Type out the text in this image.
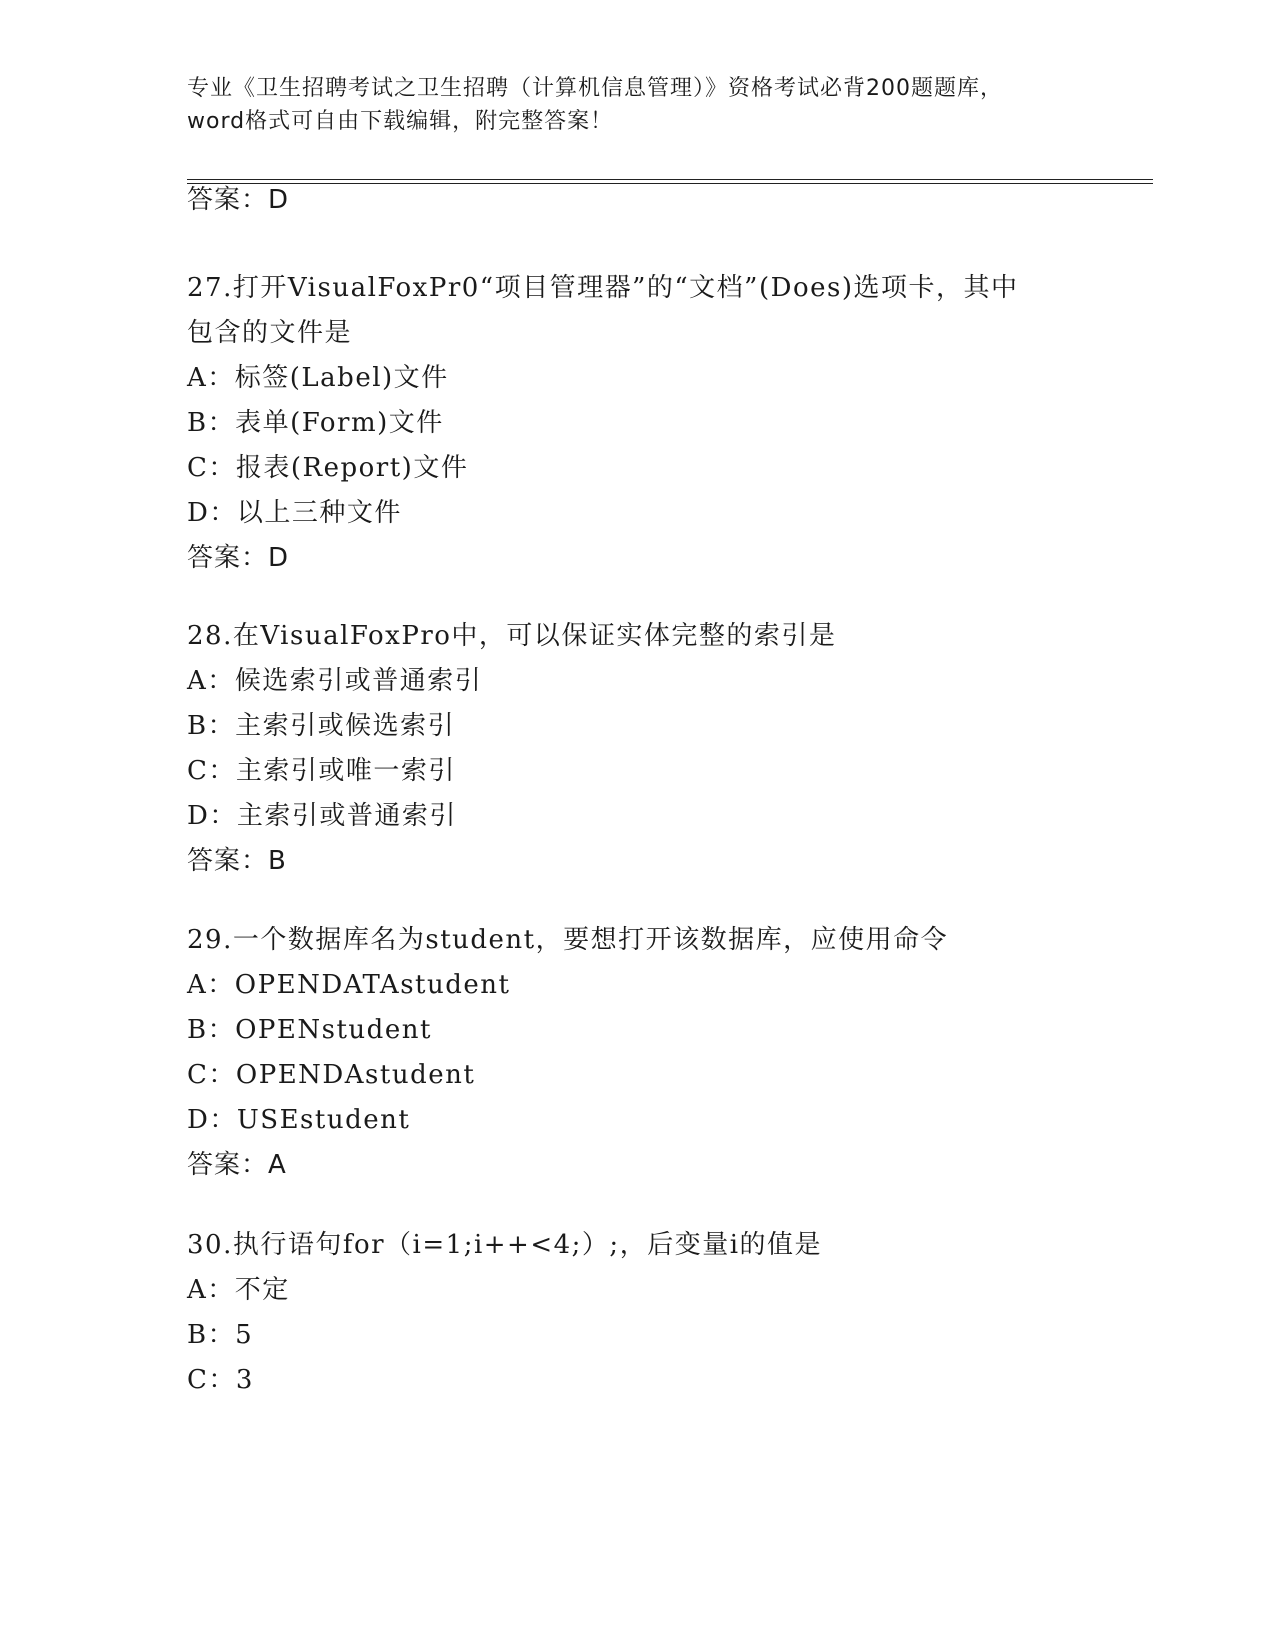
专业《卫生招聘考试之卫生招聘（计算机信息管理）》资格考试必背200题题库，
word格式可自由下载编辑，附完整答案！
答案：D
27.打开VisualFoxPr0“项目管理器”的“文档”(Does)选项卡，其中
包含的文件是
A：标签(Label)文件
B：表单(Form)文件
C：报表(Report)文件
D：以上三种文件
答案：D
28.在VisualFoxPro中，可以保证实体完整的索引是
A：候选索引或普通索引
B：主索引或候选索引
C：主索引或唯一索引
D：主索引或普通索引
答案：B
29.一个数据库名为student，要想打开该数据库，应使用命令
A：OPENDATAstudent
B：OPENstudent
C：OPENDAstudent
D：USEstudent
答案：A
30.执行语句for（i=1;i++<4;）;，后变量i的值是
A：不定
B：5
C：3
